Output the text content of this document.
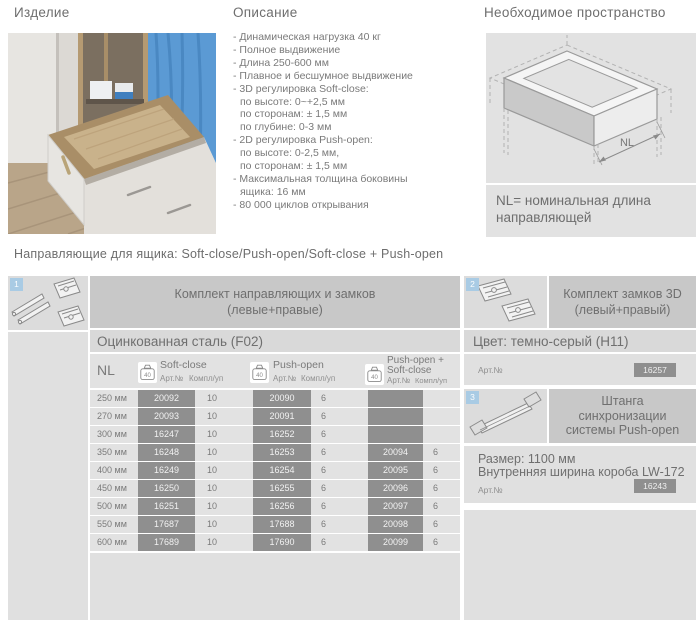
Изделие	Описание	Необходимое пространство
- Динамическая нагрузка 40 кг
- Полное выдвижение
- Длина 250-600 мм
- Плавное и бесшумное выдвижение
- 3D регулировка Soft-close:
по высоте: 0~+2,5 мм
по сторонам: ± 1,5 мм
по глубине: 0-3 мм
- 2D регулировка Push-open:
по высоте: 0-2,5 мм,
по сторонам: ± 1,5 мм
- Максимальная толщина боковины
ящика: 16 мм
- 80 000 циклов открывания
NL
NL= номинальная длина направляющей
Направляющие для ящика: Soft-close/Push-open/Soft-close + Push-open
1
Комплект направляющих и замков
(левые+правые)
Оцинкованная сталь (F02)
NL	40
Soft-close
Арт.№ Компл/уп	40
Push-open
Арт.№ Компл/уп	40
Push-open + Soft-close
Арт.№ Компл/уп
250 мм	20092	10	20090	6
270 мм	20093	10	20091	6
300 мм	16247	10	16252	6
350 мм	16248	10	16253	6	20094	6
400 мм	16249	10	16254	6	20095	6
450 мм	16250	10	16255	6	20096	6
500 мм	16251	10	16256	6	20097	6
550 мм	17687	10	17688	6	20098	6
600 мм	17689	10	17690	6	20099	6
2
Комплект замков 3D
(левый+правый)
Цвет: темно-серый (H11)
Арт.№	16257
3	Штанга
синхронизации
системы Push-open
Размер: 1100 мм
Внутренняя ширина короба LW-172
Арт.№	16243
